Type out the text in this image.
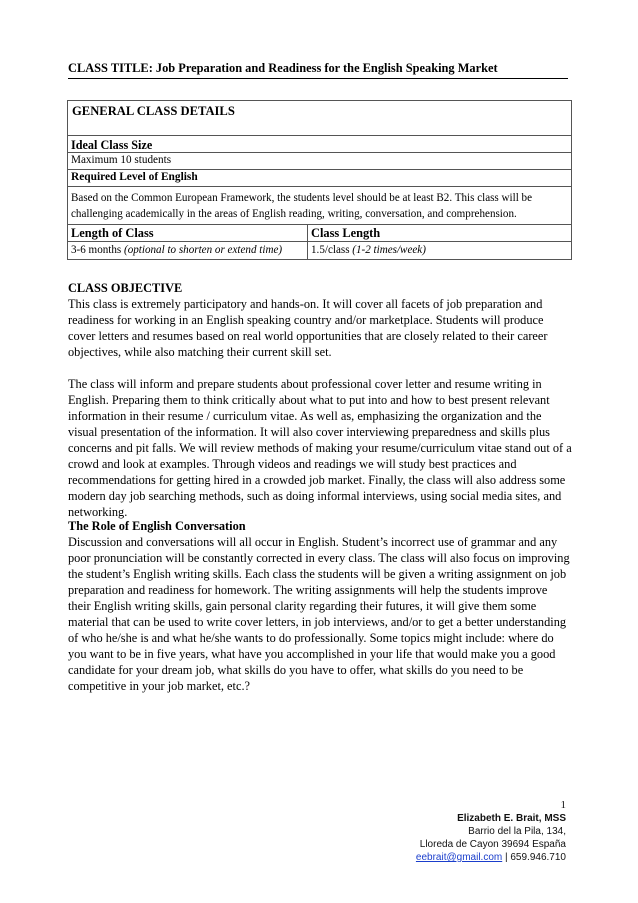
CLASS TITLE: Job Preparation and Readiness for the English Speaking Market
GENERAL CLASS DETAILS
Ideal Class Size
Maximum 10 students
Required Level of English
Based on the Common European Framework, the students level should be at least B2. This class will be challenging academically in the areas of English reading, writing, conversation, and comprehension.
Length of Class	Class Length
3-6 months (optional to shorten or extend time)	1.5/class (1-2 times/week)
CLASS OBJECTIVE

This class is extremely participatory and hands-on. It will cover all facets of job preparation and readiness for working in an English speaking country and/or marketplace. Students will produce cover letters and resumes based on real world opportunities that are closely related to their career objectives, while also matching their current skill set.

The class will inform and prepare students about professional cover letter and resume writing in English. Preparing them to think critically about what to put into and how to best present relevant information in their resume / curriculum vitae. As well as, emphasizing the organization and the visual presentation of the information. It will also cover interviewing preparedness and skills plus concerns and pit falls. We will review methods of making your resume/curriculum vitae stand out of a crowd and look at examples. Through videos and readings we will study best practices and recommendations for getting hired in a crowded job market. Finally, the class will also address some modern day job searching methods, such as doing informal interviews, using social media sites, and networking.

The Role of English Conversation

Discussion and conversations will all occur in English. Student’s incorrect use of grammar and any poor pronunciation will be constantly corrected in every class. The class will also focus on improving the student’s English writing skills. Each class the students will be given a writing assignment on job preparation and readiness for homework. The writing assignments will help the students improve their English writing skills, gain personal clarity regarding their futures, it will give them some material that can be used to write cover letters, in job interviews, and/or to get a better understanding of who he/she is and what he/she wants to do professionally. Some topics might include: where do you want to be in five years, what have you accomplished in your life that would make you a good candidate for your dream job, what skills do you have to offer, what skills do you need to be competitive in your job market, etc.?

1
Elizabeth E. Brait, MSS
Barrio del la Pila, 134,
Lloreda de Cayon 39694 España
eebrait@gmail.com | 659.946.710
